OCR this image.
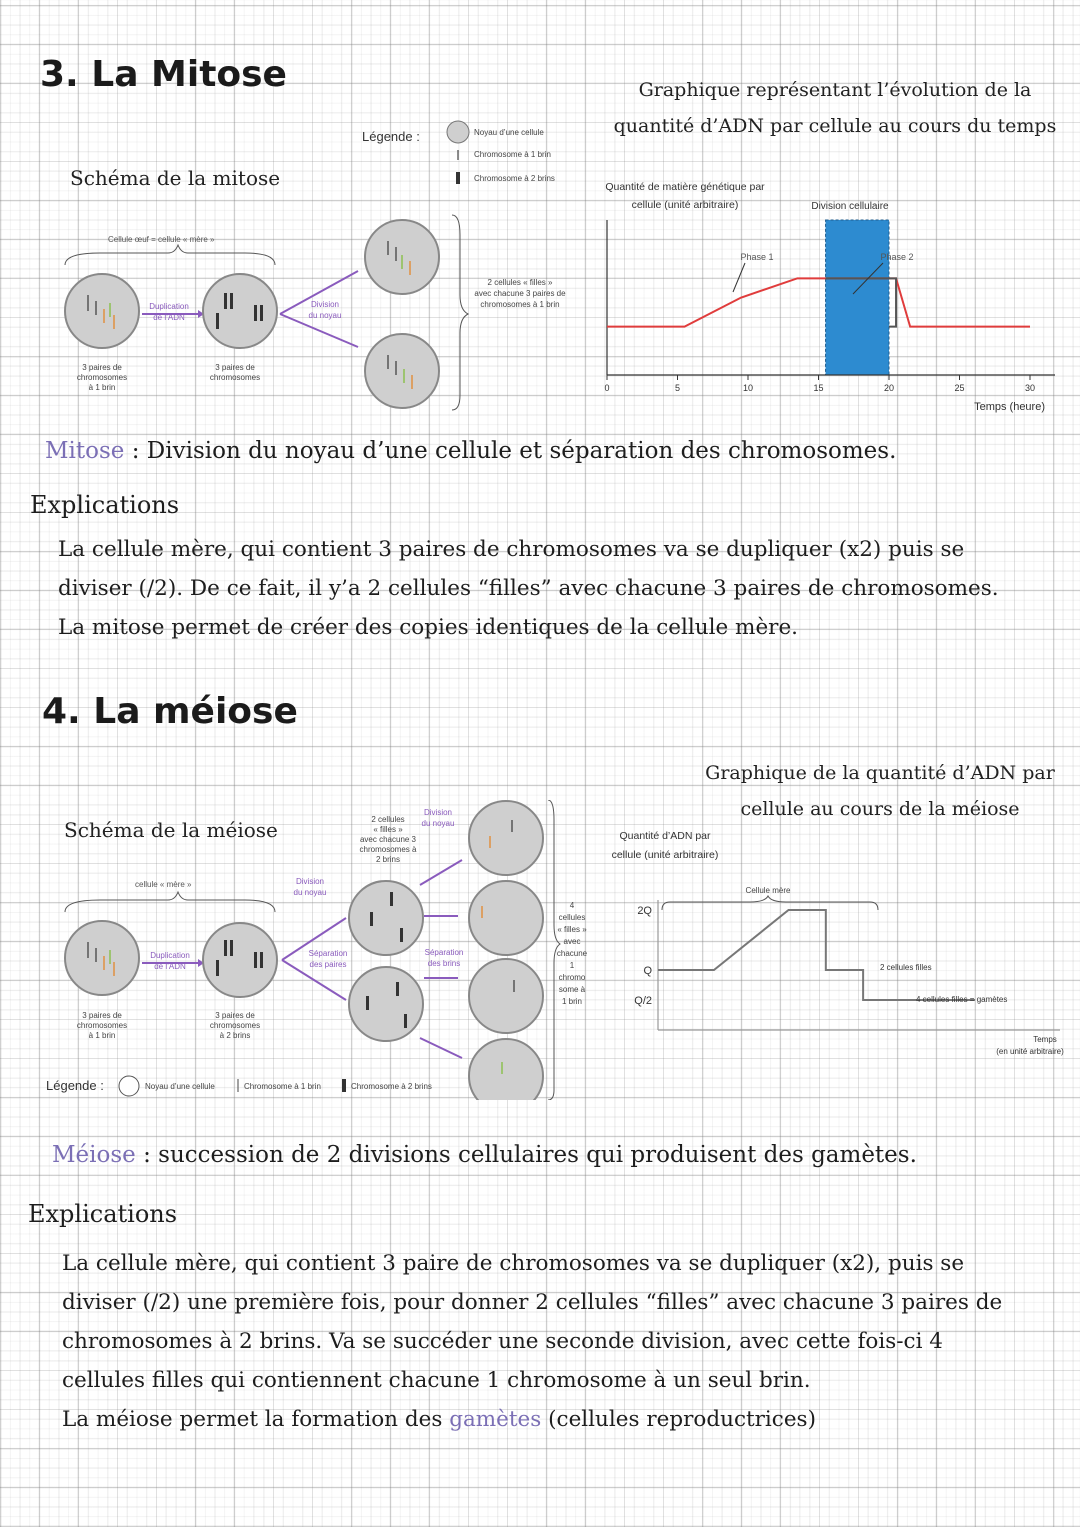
3. La Mitose
Schéma de la mitose
Légende :	Noyau d’une cellule
Chromosome à 1 brin
Chromosome à 2 brins
Cellule œuf = cellule « mère »
3 paires de
chromosomes
à 1 brin
Duplication
de l’ADN
3 paires de
chromosomes
Division
du noyau
2 cellules « filles »
avec chacune 3 paires de
chromosomes à 1 brin
Graphique représentant l’évolution de la
quantité d’ADN par cellule au cours du temps
Quantité de matière génétique par
cellule (unité arbitraire)	Division cellulaire
0	5	10	15	20	25	30
Phase 1	Phase 2
Temps (heure)
Mitose : Division du noyau d’une cellule et séparation des chromosomes.
Explications
La cellule mère, qui contient 3 paires de chromosomes va se dupliquer (x2) puis se
diviser (/2). De ce fait, il y’a 2 cellules “filles” avec chacune 3 paires de chromosomes.
La mitose permet de créer des copies identiques de la cellule mère.
4. La méiose
Graphique de la quantité d’ADN par
cellule au cours de la méiose
Schéma de la méiose
cellule « mère »
3 paires de
chromosomes
à 1 brin
Duplication
de l’ADN
3 paires de
chromosomes
à 2 brins
Division
du noyau
Séparation
des paires
2 cellules
« filles »
avec chacune 3
chromosomes à
2 brins
Division
du noyau
Séparation
des brins
4
cellules
« filles »
avec
chacune
1
chromo
some à
1 brin
Légende :	Noyau d’une cellule	Chromosome à 1 brin	Chromosome à 2 brins
Quantité d’ADN par
cellule (unité arbitraire)
2Q
Q
Q/2
Cellule mère
2 cellules filles
4 cellules filles = gamètes
Temps
(en unité arbitraire)
Méiose : succession de 2 divisions cellulaires qui produisent des gamètes.
Explications
La cellule mère, qui contient 3 paire de chromosomes va se dupliquer (x2), puis se
diviser (/2) une première fois, pour donner 2 cellules “filles” avec chacune 3 paires de
chromosomes à 2 brins. Va se succéder une seconde division, avec cette fois-ci 4
cellules filles qui contiennent chacune 1 chromosome à un seul brin.
La méiose permet la formation des gamètes (cellules reproductrices)
